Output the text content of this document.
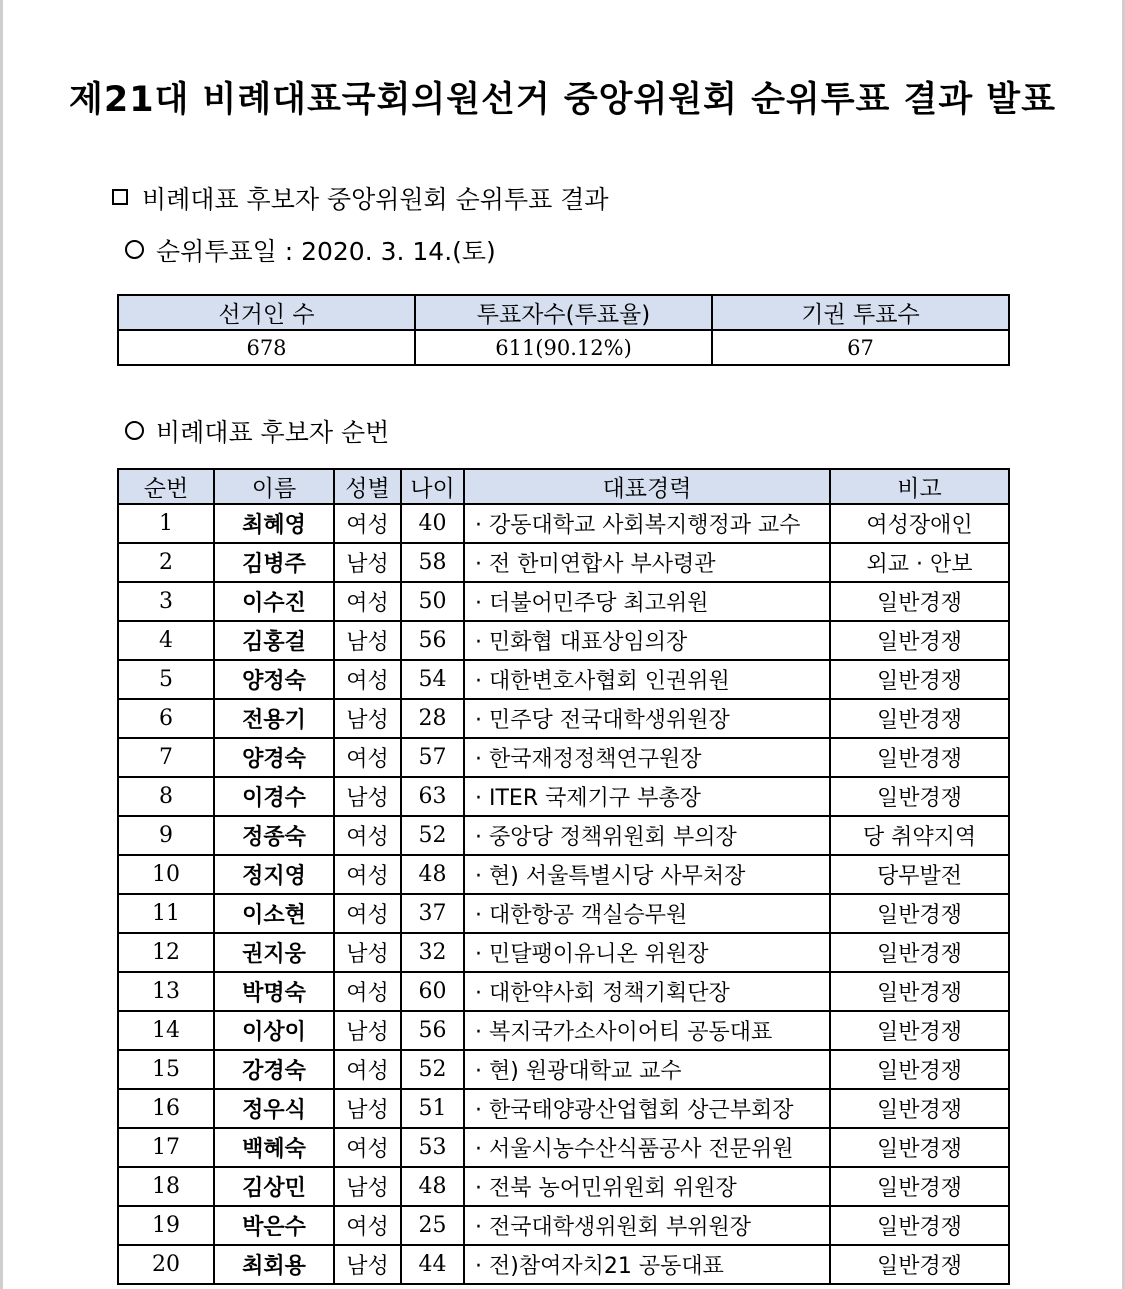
제21대 비례대표국회의원선거 중앙위원회 순위투표 결과 발표
비례대표 후보자 중앙위원회 순위투표 결과
순위투표일 : 2020. 3. 14.(토)
선거인 수	투표자수(투표율)	기권 투표수
678	611(90.12%)	67
비례대표 후보자 순번
순번	이름	성별	나이	대표경력	비고
1	최혜영	여성	40	· 강동대학교 사회복지행정과 교수	여성장애인
2	김병주	남성	58	· 전 한미연합사 부사령관	외교 · 안보
3	이수진	여성	50	· 더불어민주당 최고위원	일반경쟁
4	김홍걸	남성	56	· 민화협 대표상임의장	일반경쟁
5	양정숙	여성	54	· 대한변호사협회 인권위원	일반경쟁
6	전용기	남성	28	· 민주당 전국대학생위원장	일반경쟁
7	양경숙	여성	57	· 한국재정정책연구원장	일반경쟁
8	이경수	남성	63	· ITER 국제기구 부총장	일반경쟁
9	정종숙	여성	52	· 중앙당 정책위원회 부의장	당 취약지역
10	정지영	여성	48	· 현) 서울특별시당 사무처장	당무발전
11	이소현	여성	37	· 대한항공 객실승무원	일반경쟁
12	권지웅	남성	32	· 민달팽이유니온 위원장	일반경쟁
13	박명숙	여성	60	· 대한약사회 정책기획단장	일반경쟁
14	이상이	남성	56	· 복지국가소사이어티 공동대표	일반경쟁
15	강경숙	여성	52	· 현) 원광대학교 교수	일반경쟁
16	정우식	남성	51	· 한국태양광산업협회 상근부회장	일반경쟁
17	백혜숙	여성	53	· 서울시농수산식품공사 전문위원	일반경쟁
18	김상민	남성	48	· 전북 농어민위원회 위원장	일반경쟁
19	박은수	여성	25	· 전국대학생위원회 부위원장	일반경쟁
20	최회용	남성	44	· 전)참여자치21 공동대표	일반경쟁
